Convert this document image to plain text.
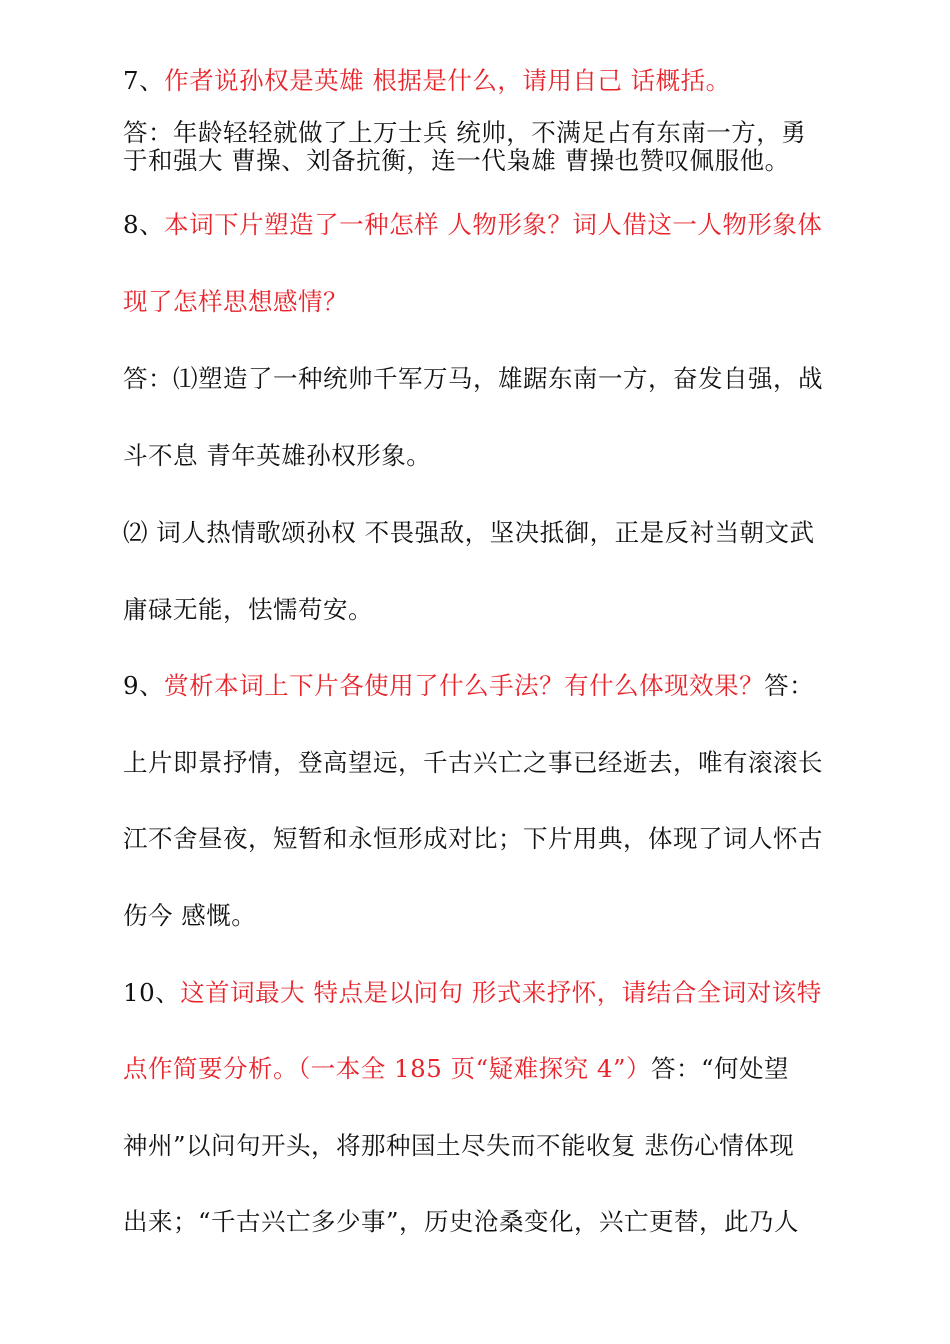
7、作者说孙权是英雄 根据是什么，请用自己 话概括。
答：年龄轻轻就做了上万士兵 统帅，不满足占有东南一方，勇
于和强大 曹操、刘备抗衡，连一代枭雄 曹操也赞叹佩服他。
8、本词下片塑造了一种怎样 人物形象？词人借这一人物形象体
现了怎样思想感情？
答：⑴塑造了一种统帅千军万马，雄踞东南一方，奋发自强，战
斗不息 青年英雄孙权形象。
⑵ 词人热情歌颂孙权 不畏强敌，坚决抵御，正是反衬当朝文武
庸碌无能，怯懦苟安。
9、赏析本词上下片各使用了什么手法？有什么体现效果？答：
上片即景抒情，登高望远，千古兴亡之事已经逝去，唯有滚滚长
江不舍昼夜，短暂和永恒形成对比；下片用典，体现了词人怀古
伤今 感慨。
10、这首词最大 特点是以问句 形式来抒怀，请结合全词对该特
点作简要分析。（一本全 185 页“疑难探究 4”）答：“何处望
神州”以问句开头，将那种国土尽失而不能收复 悲伤心情体现
出来；“千古兴亡多少事”，历史沧桑变化，兴亡更替，此乃人
